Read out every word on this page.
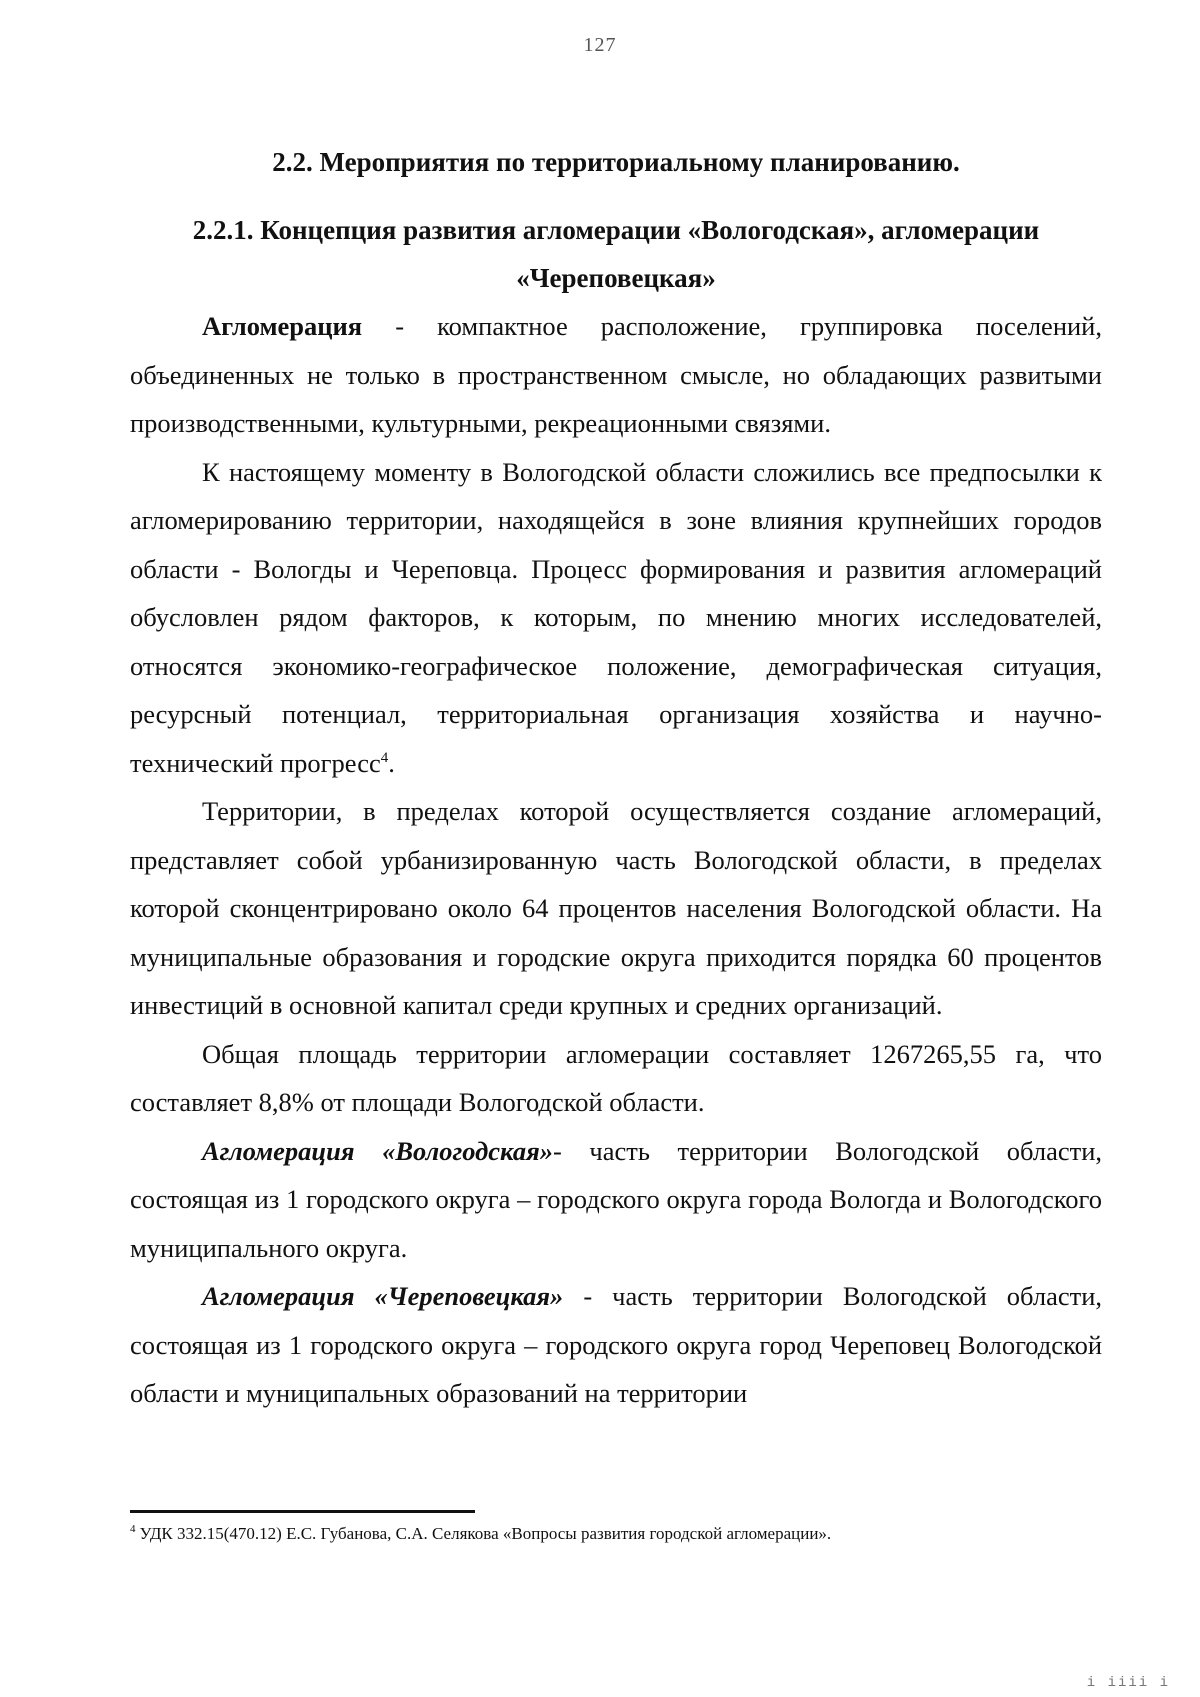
127
2.2. Мероприятия по территориальному планированию.
2.2.1. Концепция развития агломерации «Вологодская», агломерации
«Череповецкая»

Агломерация - компактное расположение, группировка поселений, объединенных не только в пространственном смысле, но обладающих развитыми производственными, культурными, рекреационными связями.

К настоящему моменту в Вологодской области сложились все предпосылки к агломерированию территории, находящейся в зоне влияния крупнейших городов области - Вологды и Череповца. Процесс формирования и развития агломераций обусловлен рядом факторов, к которым, по мнению многих исследователей, относятся экономико-географическое положение, демографическая ситуация, ресурсный потенциал, территориальная организация хозяйства и научно-технический прогресс$^4$.

Территории, в пределах которой осуществляется создание агломераций, представляет собой урбанизированную часть Вологодской области, в пределах которой сконцентрировано около 64 процентов населения Вологодской области. На муниципальные образования и городские округа приходится порядка 60 процентов инвестиций в основной капитал среди крупных и средних организаций.

Общая площадь территории агломерации составляет 1267265,55 га, что составляет 8,8% от площади Вологодской области.

Агломерация «Вологодская»- часть территории Вологодской области, состоящая из 1 городского округа – городского округа города Вологда и Вологодского муниципального округа.

Агломерация «Череповецкая» - часть территории Вологодской области, состоящая из 1 городского округа – городского округа город Череповец Вологодской области и муниципальных образований на территории

$^4$ УДК 332.15(470.12) Е.С. Губанова, С.А. Селякова «Вопросы развития городской агломерации».
i iiii i
